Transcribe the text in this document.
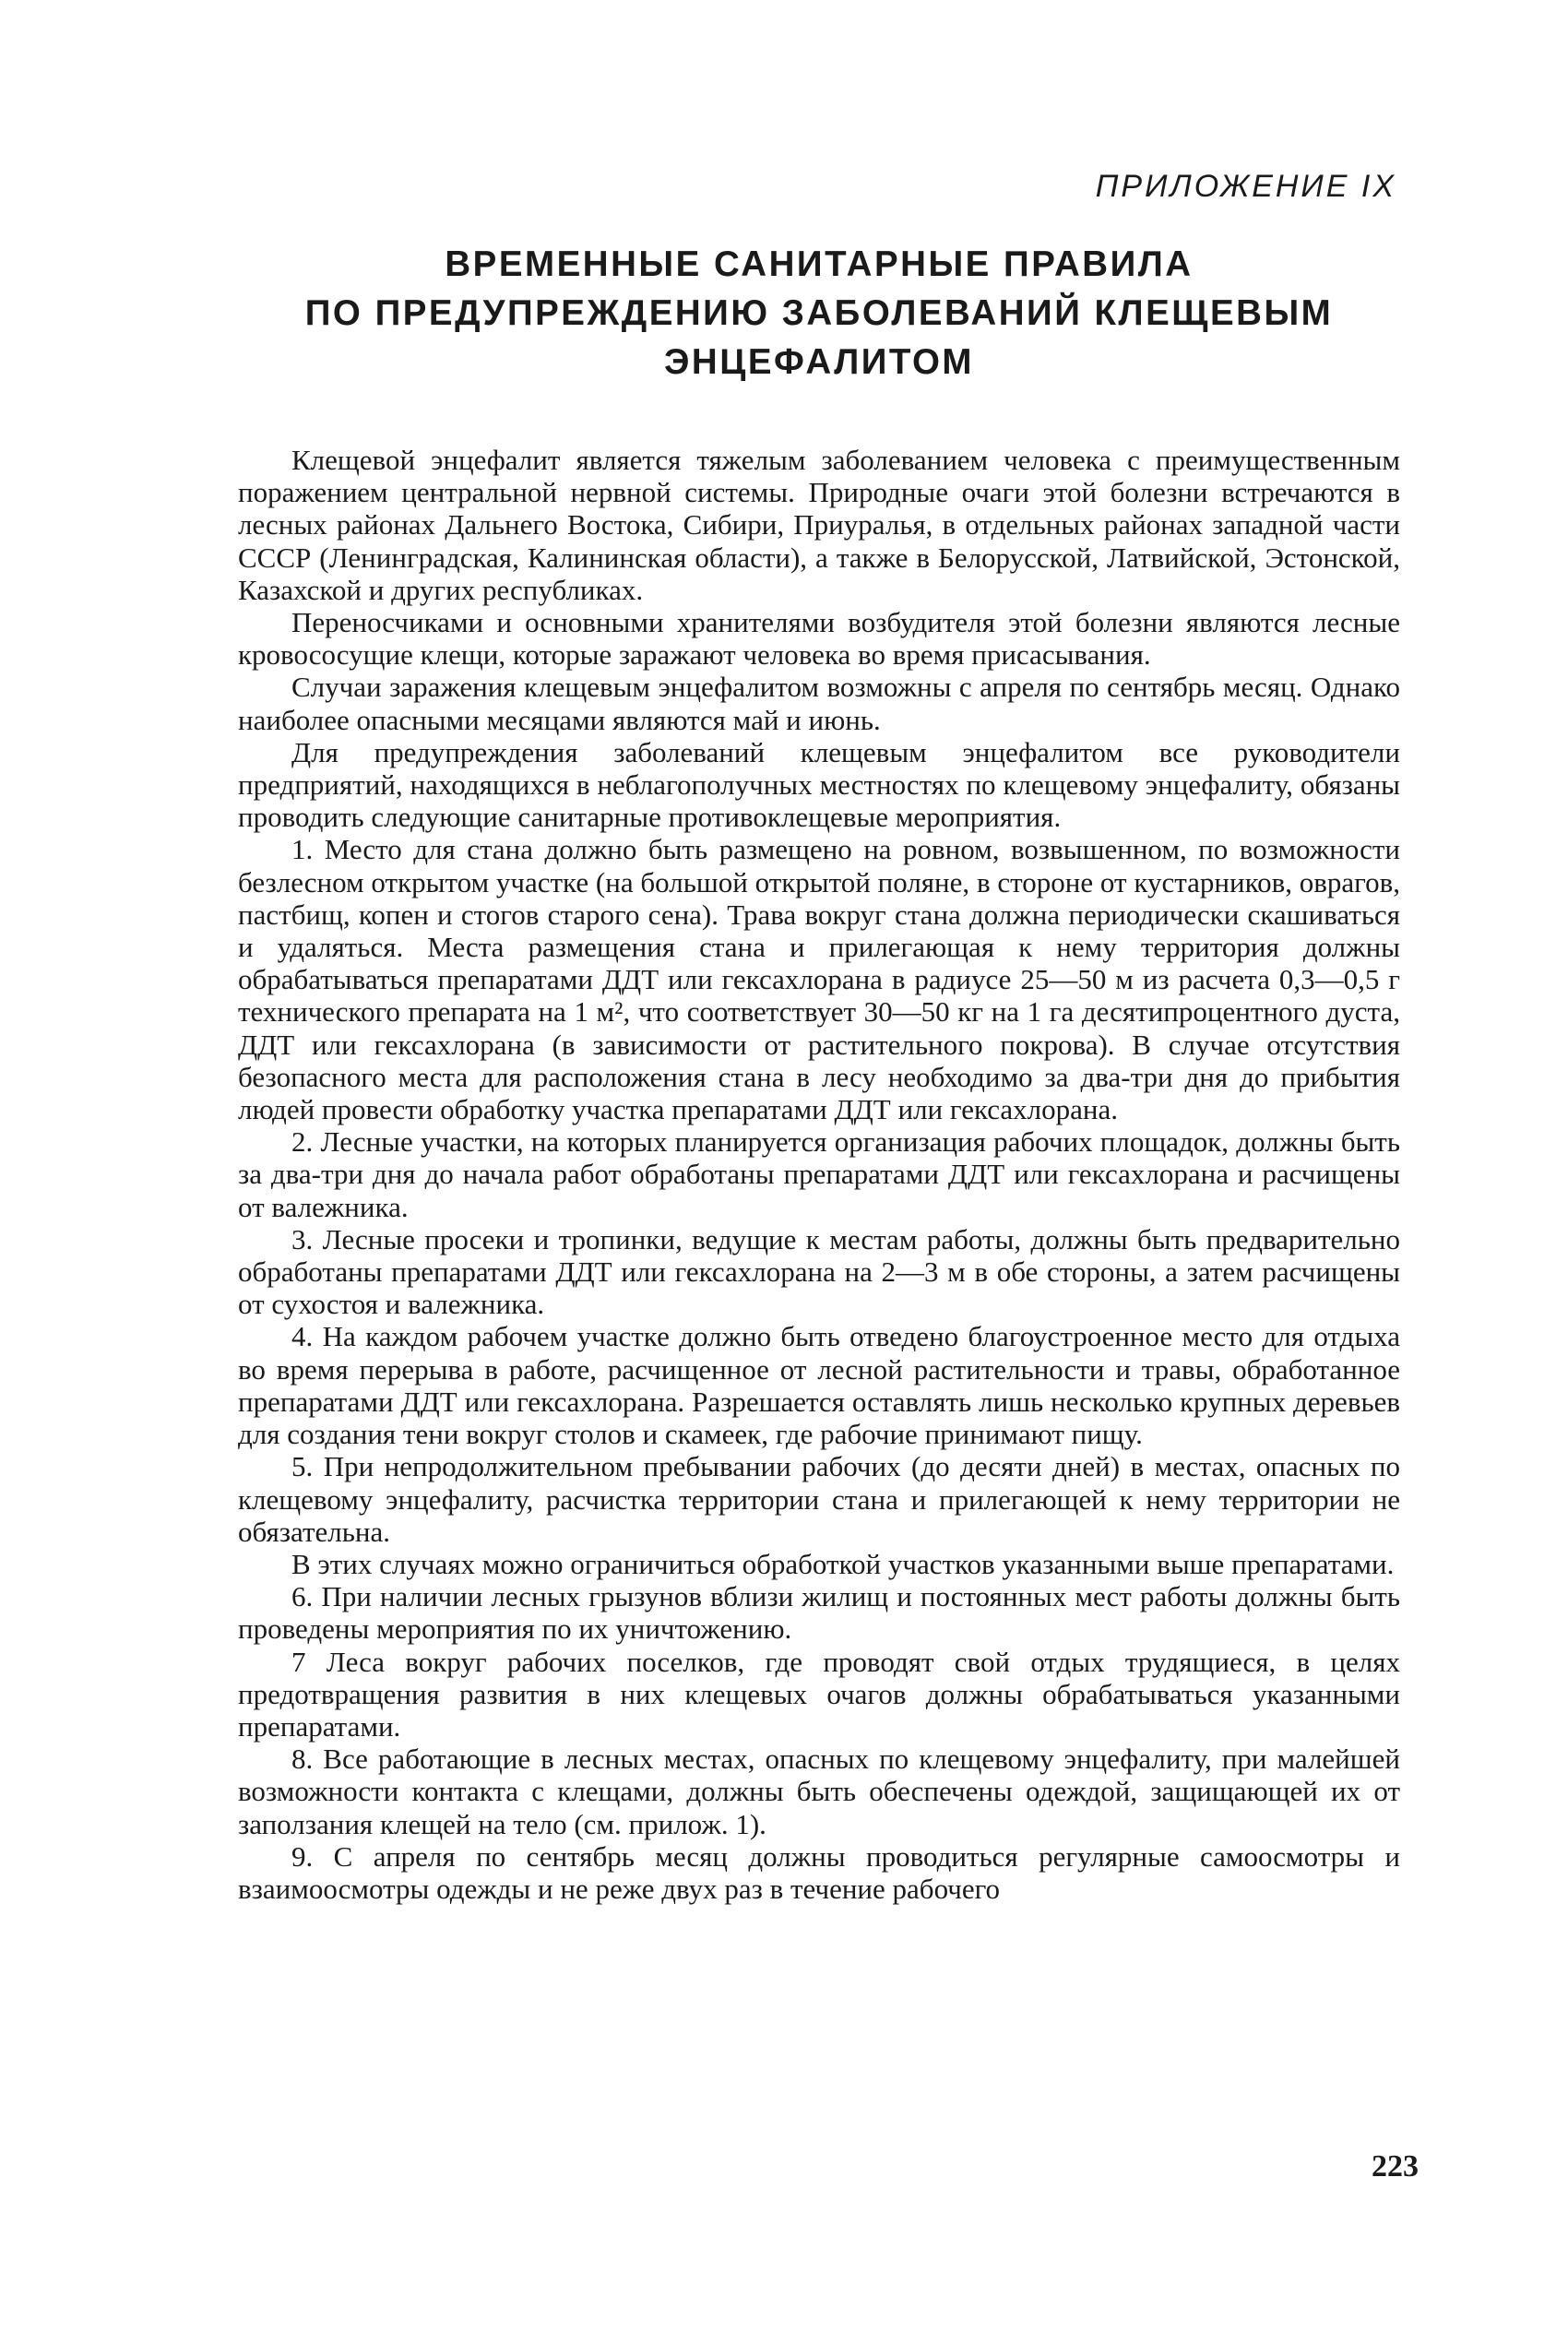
ПРИЛОЖЕНИЕ IX
ВРЕМЕННЫЕ САНИТАРНЫЕ ПРАВИЛА
ПО ПРЕДУПРЕЖДЕНИЮ ЗАБОЛЕВАНИЙ КЛЕЩЕВЫМ
ЭНЦЕФАЛИТОМ

Клещевой энцефалит является тяжелым заболеванием человека с преимущественным поражением центральной нервной системы. Природные очаги этой болезни встречаются в лесных районах Дальнего Востока, Сибири, Приуралья, в отдельных районах западной части СССР (Ленинградская, Калининская области), а также в Белорусской, Латвийской, Эстонской, Казахской и других республиках.

Переносчиками и основными хранителями возбудителя этой болезни являются лесные кровососущие клещи, которые заражают человека во время присасывания.

Случаи заражения клещевым энцефалитом возможны с апреля по сентябрь месяц. Однако наиболее опасными месяцами являются май и июнь.

Для предупреждения заболеваний клещевым энцефалитом все руководители предприятий, находящихся в неблагополучных местностях по клещевому энцефалиту, обязаны проводить следующие санитарные противоклещевые мероприятия.

1. Место для стана должно быть размещено на ровном, возвышенном, по возможности безлесном открытом участке (на большой открытой поляне, в стороне от кустарников, оврагов, пастбищ, копен и стогов старого сена). Трава вокруг стана должна периодически скашиваться и удаляться. Места размещения стана и прилегающая к нему территория должны обрабатываться препаратами ДДТ или гексахлорана в радиусе 25—50 м из расчета 0,3—0,5 г технического препарата на 1 м², что соответствует 30—50 кг на 1 га десятипроцентного дуста, ДДТ или гексахлорана (в зависимости от растительного покрова). В случае отсутствия безопасного места для расположения стана в лесу необходимо за два-три дня до прибытия людей провести обработку участка препаратами ДДТ или гексахлорана.

2. Лесные участки, на которых планируется организация рабочих площадок, должны быть за два-три дня до начала работ обработаны препаратами ДДТ или гексахлорана и расчищены от валежника.

3. Лесные просеки и тропинки, ведущие к местам работы, должны быть предварительно обработаны препаратами ДДТ или гексахлорана на 2—3 м в обе стороны, а затем расчищены от сухостоя и валежника.

4. На каждом рабочем участке должно быть отведено благоустроенное место для отдыха во время перерыва в работе, расчищенное от лесной растительности и травы, обработанное препаратами ДДТ или гексахлорана. Разрешается оставлять лишь несколько крупных деревьев для создания тени вокруг столов и скамеек, где рабочие принимают пищу.

5. При непродолжительном пребывании рабочих (до десяти дней) в местах, опасных по клещевому энцефалиту, расчистка территории стана и прилегающей к нему территории не обязательна.

В этих случаях можно ограничиться обработкой участков указанными выше препаратами.

6. При наличии лесных грызунов вблизи жилищ и постоянных мест работы должны быть проведены мероприятия по их уничтожению.

7 Леса вокруг рабочих поселков, где проводят свой отдых трудящиеся, в целях предотвращения развития в них клещевых очагов должны обрабатываться указанными препаратами.

8. Все работающие в лесных местах, опасных по клещевому энцефалиту, при малейшей возможности контакта с клещами, должны быть обеспечены одеждой, защищающей их от заползания клещей на тело (см. прилож. 1).

9. С апреля по сентябрь месяц должны проводиться регулярные самоосмотры и взаимоосмотры одежды и не реже двух раз в течение рабочего

223
